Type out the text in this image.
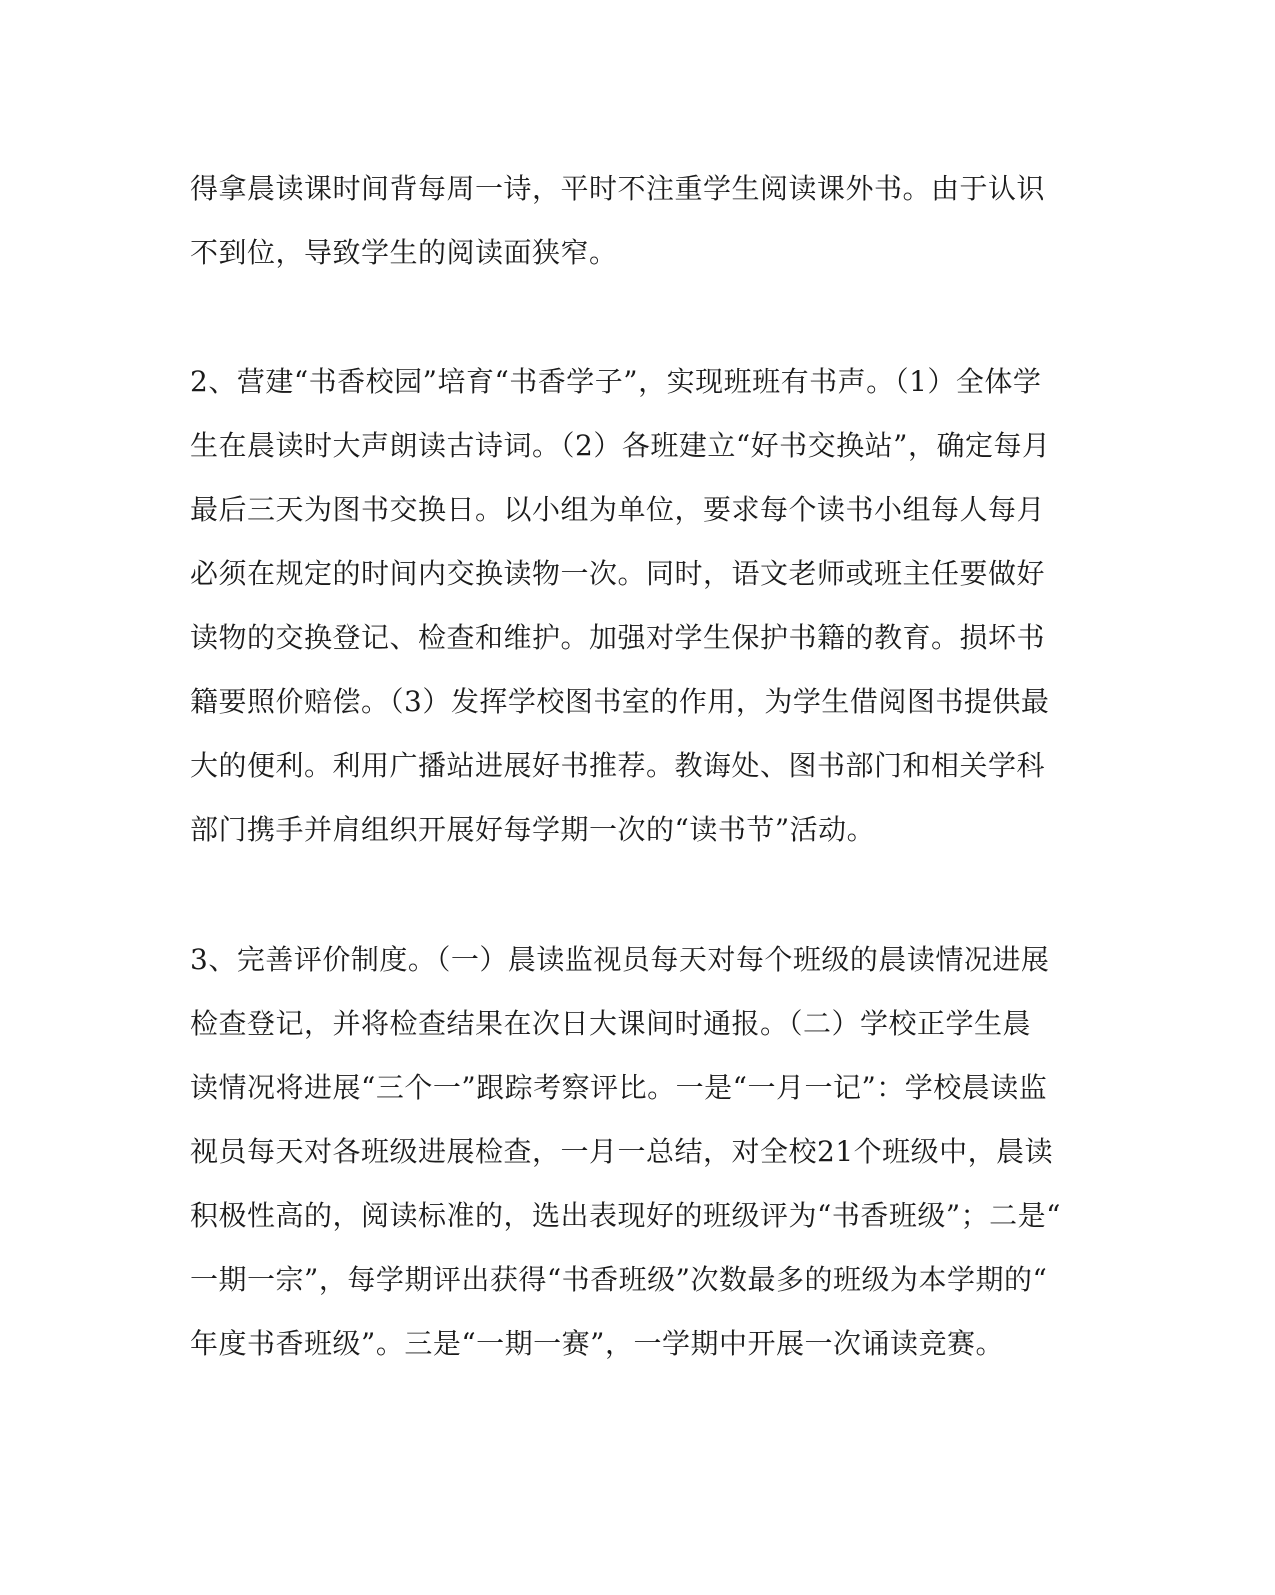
得拿晨读课时间背每周一诗，平时不注重学生阅读课外书。由于认识
不到位，导致学生的阅读面狭窄。
2、营建“书香校园”培育“书香学子”，实现班班有书声。（1）全体学
生在晨读时大声朗读古诗词。（2）各班建立“好书交换站”，确定每月
最后三天为图书交换日。以小组为单位，要求每个读书小组每人每月
必须在规定的时间内交换读物一次。同时，语文老师或班主任要做好
读物的交换登记、检查和维护。加强对学生保护书籍的教育。损坏书
籍要照价赔偿。（3）发挥学校图书室的作用，为学生借阅图书提供最
大的便利。利用广播站进展好书推荐。教诲处、图书部门和相关学科
部门携手并肩组织开展好每学期一次的“读书节”活动。
3、完善评价制度。（一）晨读监视员每天对每个班级的晨读情况进展
检查登记，并将检查结果在次日大课间时通报。（二）学校正学生晨
读情况将进展“三个一”跟踪考察评比。一是“一月一记”：学校晨读监
视员每天对各班级进展检查，一月一总结，对全校21个班级中，晨读
积极性高的，阅读标准的，选出表现好的班级评为“书香班级”；二是“
一期一宗”，每学期评出获得“书香班级”次数最多的班级为本学期的“
年度书香班级”。三是“一期一赛”，一学期中开展一次诵读竞赛。
